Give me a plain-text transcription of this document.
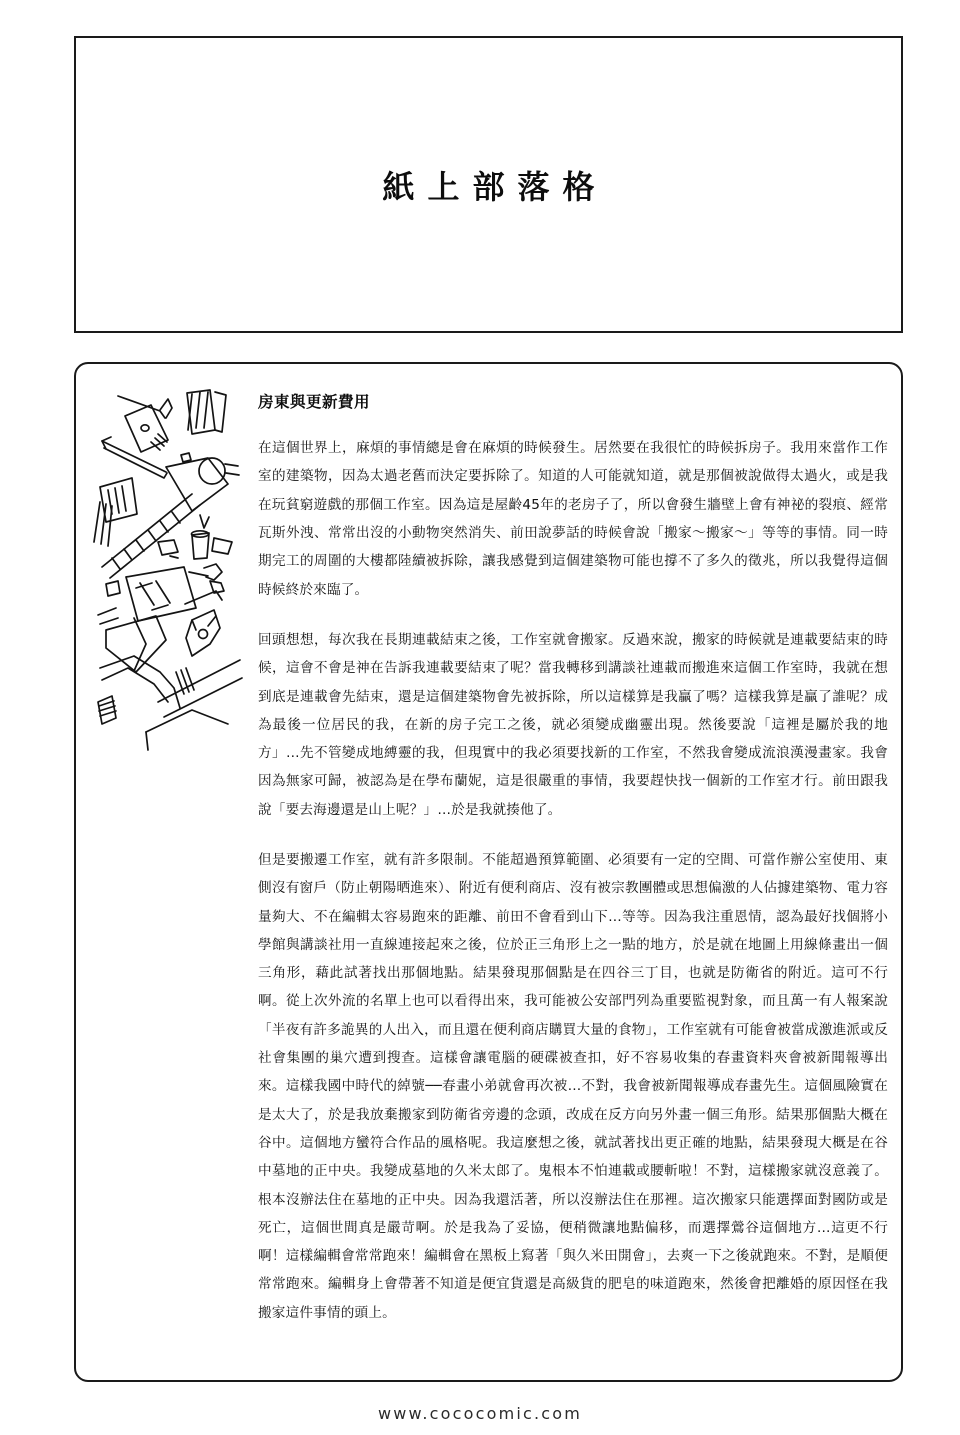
紙上部落格
房東與更新費用

在這個世界上，麻煩的事情總是會在麻煩的時候發生。居然要在我很忙的時候拆房子。我用來當作工作室的建築物，因為太過老舊而決定要拆除了。知道的人可能就知道，就是那個被說做得太過火，或是我在玩貧窮遊戲的那個工作室。因為這是屋齡45年的老房子了，所以會發生牆壁上會有神祕的裂痕、經常瓦斯外洩、常常出沒的小動物突然消失、前田說夢話的時候會說「搬家～搬家～」等等的事情。同一時期完工的周圍的大樓都陸續被拆除，讓我感覺到這個建築物可能也撐不了多久的徵兆，所以我覺得這個時候終於來臨了。

回頭想想，每次我在長期連載結束之後，工作室就會搬家。反過來說，搬家的時候就是連載要結束的時候，這會不會是神在告訴我連載要結束了呢？當我轉移到講談社連載而搬進來這個工作室時，我就在想到底是連載會先結束，還是這個建築物會先被拆除，所以這樣算是我贏了嗎？這樣我算是贏了誰呢？成為最後一位居民的我，在新的房子完工之後，就必須變成幽靈出現。然後要說「這裡是屬於我的地方」…先不管變成地縛靈的我，但現實中的我必須要找新的工作室，不然我會變成流浪漢漫畫家。我會因為無家可歸，被認為是在學布蘭妮，這是很嚴重的事情，我要趕快找一個新的工作室才行。前田跟我說「要去海邊還是山上呢？」…於是我就揍他了。

但是要搬遷工作室，就有許多限制。不能超過預算範圍、必須要有一定的空間、可當作辦公室使用、東側沒有窗戶（防止朝陽晒進來）、附近有便利商店、沒有被宗教團體或思想偏激的人佔據建築物、電力容量夠大、不在編輯太容易跑來的距離、前田不會看到山下…等等。因為我注重恩情，認為最好找個將小學館與講談社用一直線連接起來之後，位於正三角形上之一點的地方，於是就在地圖上用線條畫出一個三角形，藉此試著找出那個地點。結果發現那個點是在四谷三丁目，也就是防衛省的附近。這可不行啊。從上次外流的名單上也可以看得出來，我可能被公安部門列為重要監視對象，而且萬一有人報案說「半夜有許多詭異的人出入，而且還在便利商店購買大量的食物」，工作室就有可能會被當成激進派或反社會集團的巢穴遭到搜查。這樣會讓電腦的硬碟被查扣，好不容易收集的春畫資料夾會被新聞報導出來。這樣我國中時代的綽號──春畫小弟就會再次被…不對，我會被新聞報導成春畫先生。這個風險實在是太大了，於是我放棄搬家到防衛省旁邊的念頭，改成在反方向另外畫一個三角形。結果那個點大概在谷中。這個地方蠻符合作品的風格呢。我這麼想之後，就試著找出更正確的地點，結果發現大概是在谷中墓地的正中央。我變成墓地的久米太郎了。鬼根本不怕連載或腰斬啦！不對，這樣搬家就沒意義了。根本沒辦法住在墓地的正中央。因為我還活著，所以沒辦法住在那裡。這次搬家只能選擇面對國防或是死亡，這個世間真是嚴苛啊。於是我為了妥協，便稍微讓地點偏移，而選擇鶯谷這個地方…這更不行啊！這樣編輯會常常跑來！編輯會在黑板上寫著「與久米田開會」，去爽一下之後就跑來。不對，是順便常常跑來。編輯身上會帶著不知道是便宜貨還是高級貨的肥皂的味道跑來，然後會把離婚的原因怪在我搬家這件事情的頭上。

www.cococomic.com
